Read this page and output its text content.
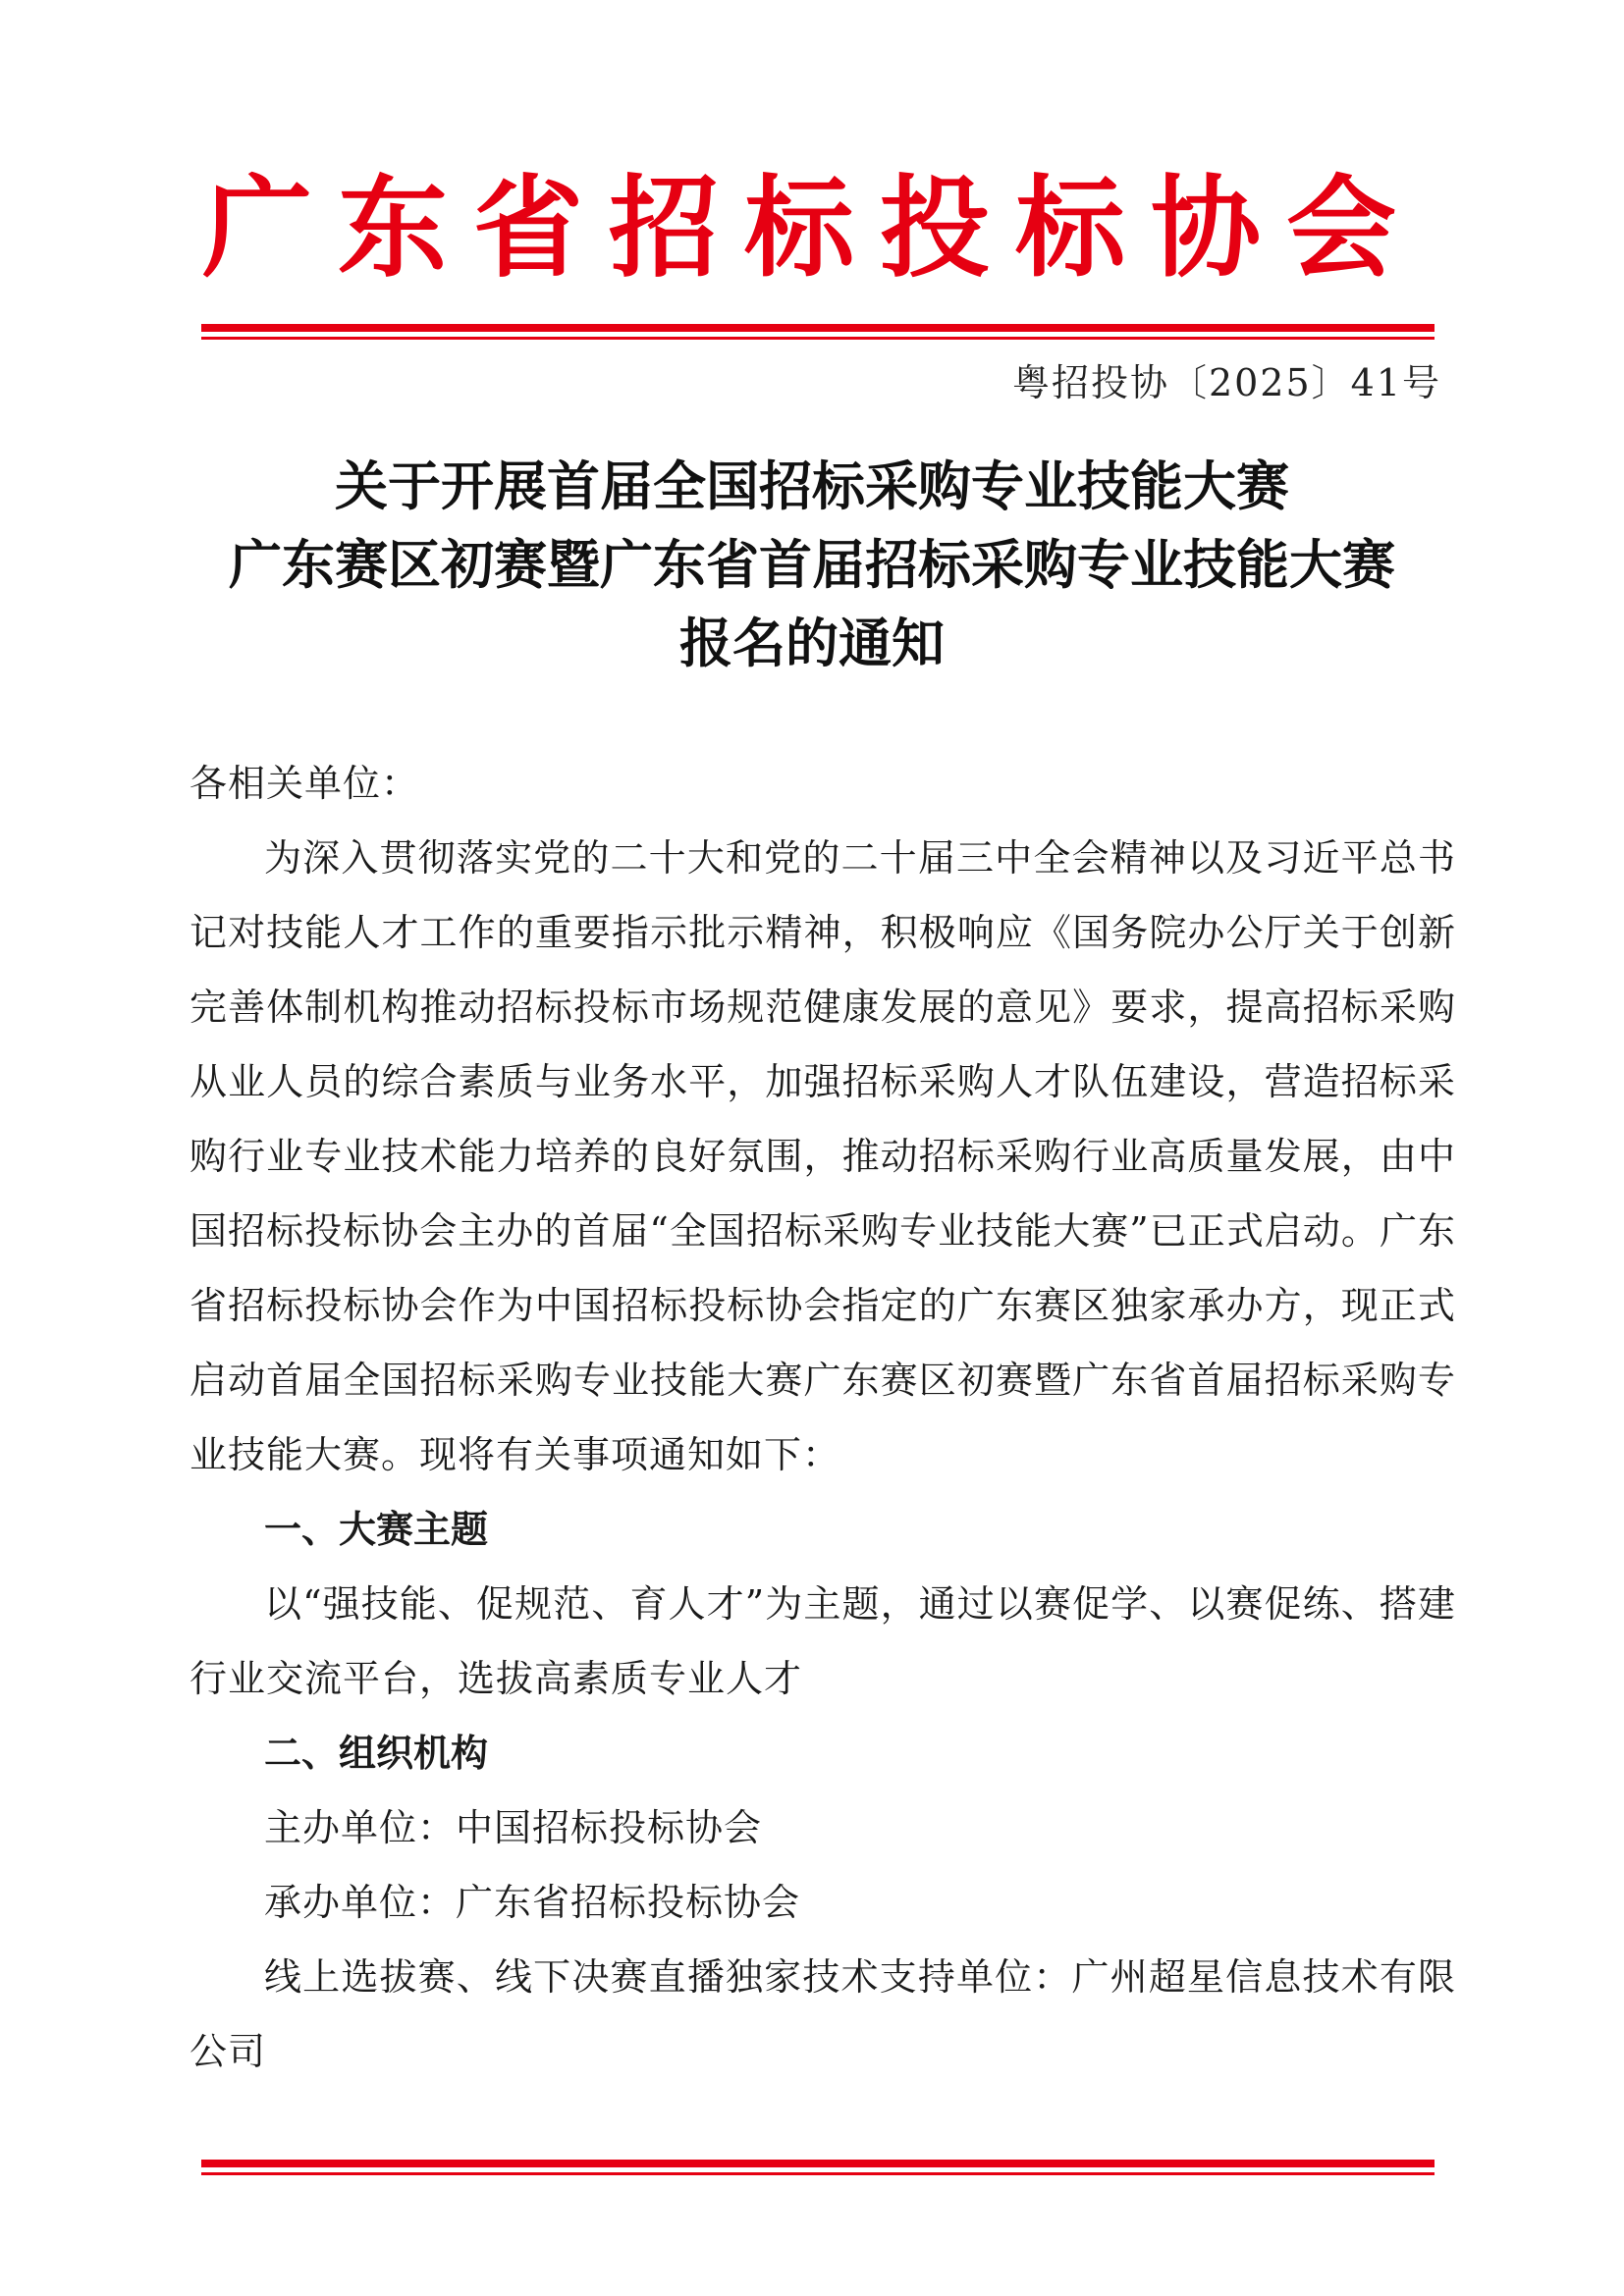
广东省招标投标协会
粤招投协〔2025〕41号
关于开展首届全国招标采购专业技能大赛
广东赛区初赛暨广东省首届招标采购专业技能大赛
报名的通知

各相关单位：

为深入贯彻落实党的二十大和党的二十届三中全会精神以及习近平总书记对技能人才工作的重要指示批示精神，积极响应《国务院办公厅关于创新完善体制机构推动招标投标市场规范健康发展的意见》要求，提高招标采购从业人员的综合素质与业务水平，加强招标采购人才队伍建设，营造招标采购行业专业技术能力培养的良好氛围，推动招标采购行业高质量发展，由中国招标投标协会主办的首届“全国招标采购专业技能大赛”已正式启动。广东省招标投标协会作为中国招标投标协会指定的广东赛区独家承办方，现正式启动首届全国招标采购专业技能大赛广东赛区初赛暨广东省首届招标采购专业技能大赛。现将有关事项通知如下：

一、大赛主题

以“强技能、促规范、育人才”为主题，通过以赛促学、以赛促练、搭建行业交流平台，选拔高素质专业人才

二、组织机构

主办单位：中国招标投标协会

承办单位：广东省招标投标协会

线上选拔赛、线下决赛直播独家技术支持单位：广州超星信息技术有限公司
